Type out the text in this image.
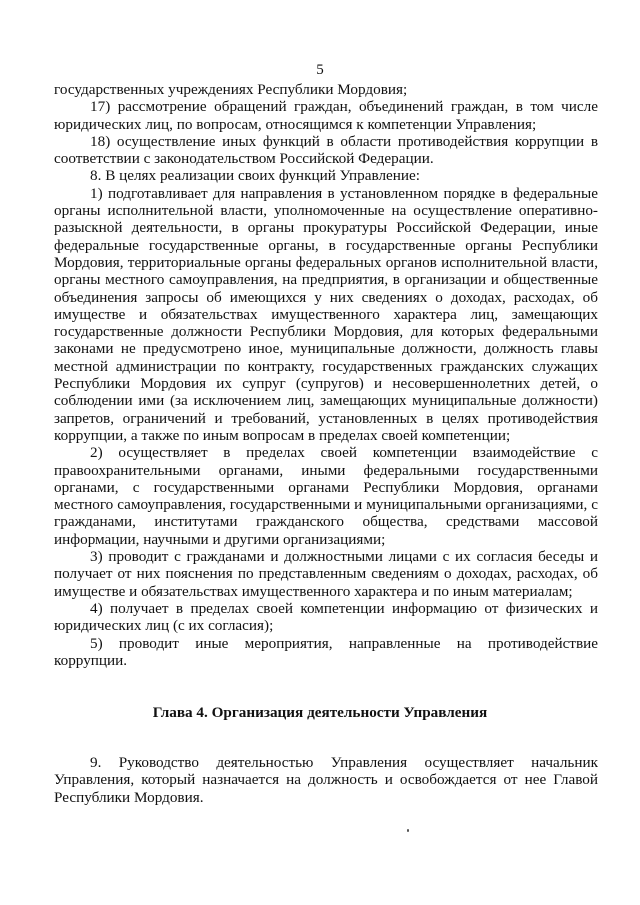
5

государственных учреждениях Республики Мордовия;

17) рассмотрение обращений граждан, объединений граждан, в том числе юридических лиц, по вопросам, относящимся к компетенции Управления;

18) осуществление иных функций в области противодействия коррупции в соответствии с законодательством Российской Федерации.

8. В целях реализации своих функций Управление:

1) подготавливает для направления в установленном порядке в федеральные органы исполнительной власти, уполномоченные на осуществление оперативно-разыскной деятельности, в органы прокуратуры Российской Федерации, иные федеральные государственные органы, в государственные органы Республики Мордовия, территориальные органы федеральных органов исполнительной власти, органы местного самоуправления, на предприятия, в организации и общественные объединения запросы об имеющихся у них сведениях о доходах, расходах, об имуществе и обязательствах имущественного характера лиц, замещающих государственные должности Республики Мордовия, для которых федеральными законами не предусмотрено иное, муниципальные должности, должность главы местной администрации по контракту, государственных гражданских служащих Республики Мордовия их супруг (супругов) и несовершеннолетних детей, о соблюдении ими (за исключением лиц, замещающих муниципальные должности) запретов, ограничений и требований, установленных в целях противодействия коррупции, а также по иным вопросам в пределах своей компетенции;

2) осуществляет в пределах своей компетенции взаимодействие с правоохранительными органами, иными федеральными государственными органами, с государственными органами Республики Мордовия, органами местного самоуправления, государственными и муниципальными организациями, с гражданами, институтами гражданского общества, средствами массовой информации, научными и другими организациями;

3) проводит с гражданами и должностными лицами с их согласия беседы и получает от них пояснения по представленным сведениям о доходах, расходах, об имуществе и обязательствах имущественного характера и по иным материалам;

4) получает в пределах своей компетенции информацию от физических и юридических лиц (с их согласия);

5) проводит иные мероприятия, направленные на противодействие коррупции.

Глава 4. Организация деятельности Управления

9. Руководство деятельностью Управления осуществляет начальник Управления, который назначается на должность и освобождается от нее Главой Республики Мордовия.
